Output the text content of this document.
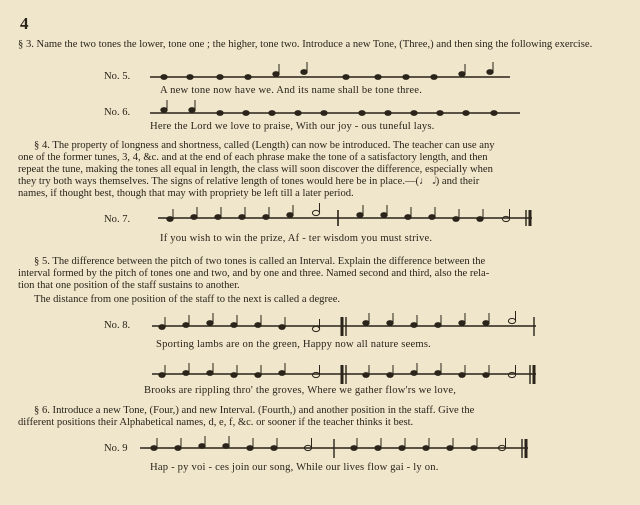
4
§ 3. Name the two tones the lower, tone one ; the higher, tone two. Introduce a new Tone, (Three,) and then sing the following exercise.
No. 5.
A new tone now have we. And its name shall be tone three.
No. 6.
Here the Lord we love to praise, With our joy - ous tuneful lays.
§ 4. The property of longness and shortness, called (Length) can now be introduced. The teacher can use any
one of the former tunes, 3, 4, &c. and at the end of each phrase make the tone of a satisfactory length, and then
repeat the tune, making the tones all equal in length, the class will soon discover the difference, especially when
they try both ways themselves. The signs of relative length of tones would here be in place.—(♩ 𝅗𝅥) and their
names, if thought best, though that may with propriety be left till a later period.
No. 7.
If you wish to win the prize, Af - ter wisdom you must strive.
§ 5. The difference between the pitch of two tones is called an Interval. Explain the difference between the
interval formed by the pitch of tones one and two, and by one and three. Named second and third, also the rela-
tion that one position of the staff sustains to another.
The distance from one position of the staff to the next is called a degree.
No. 8.
Sporting lambs are on the green, Happy now all nature seems.
Brooks are rippling thro' the groves, Where we gather flow'rs we love,
§ 6. Introduce a new Tone, (Four,) and new Interval. (Fourth,) and another position in the staff. Give the
different positions their Alphabetical names, d, e, f, &c. or sooner if the teacher thinks it best.
No. 9
Hap - py voi - ces join our song, While our lives flow gai - ly on.
